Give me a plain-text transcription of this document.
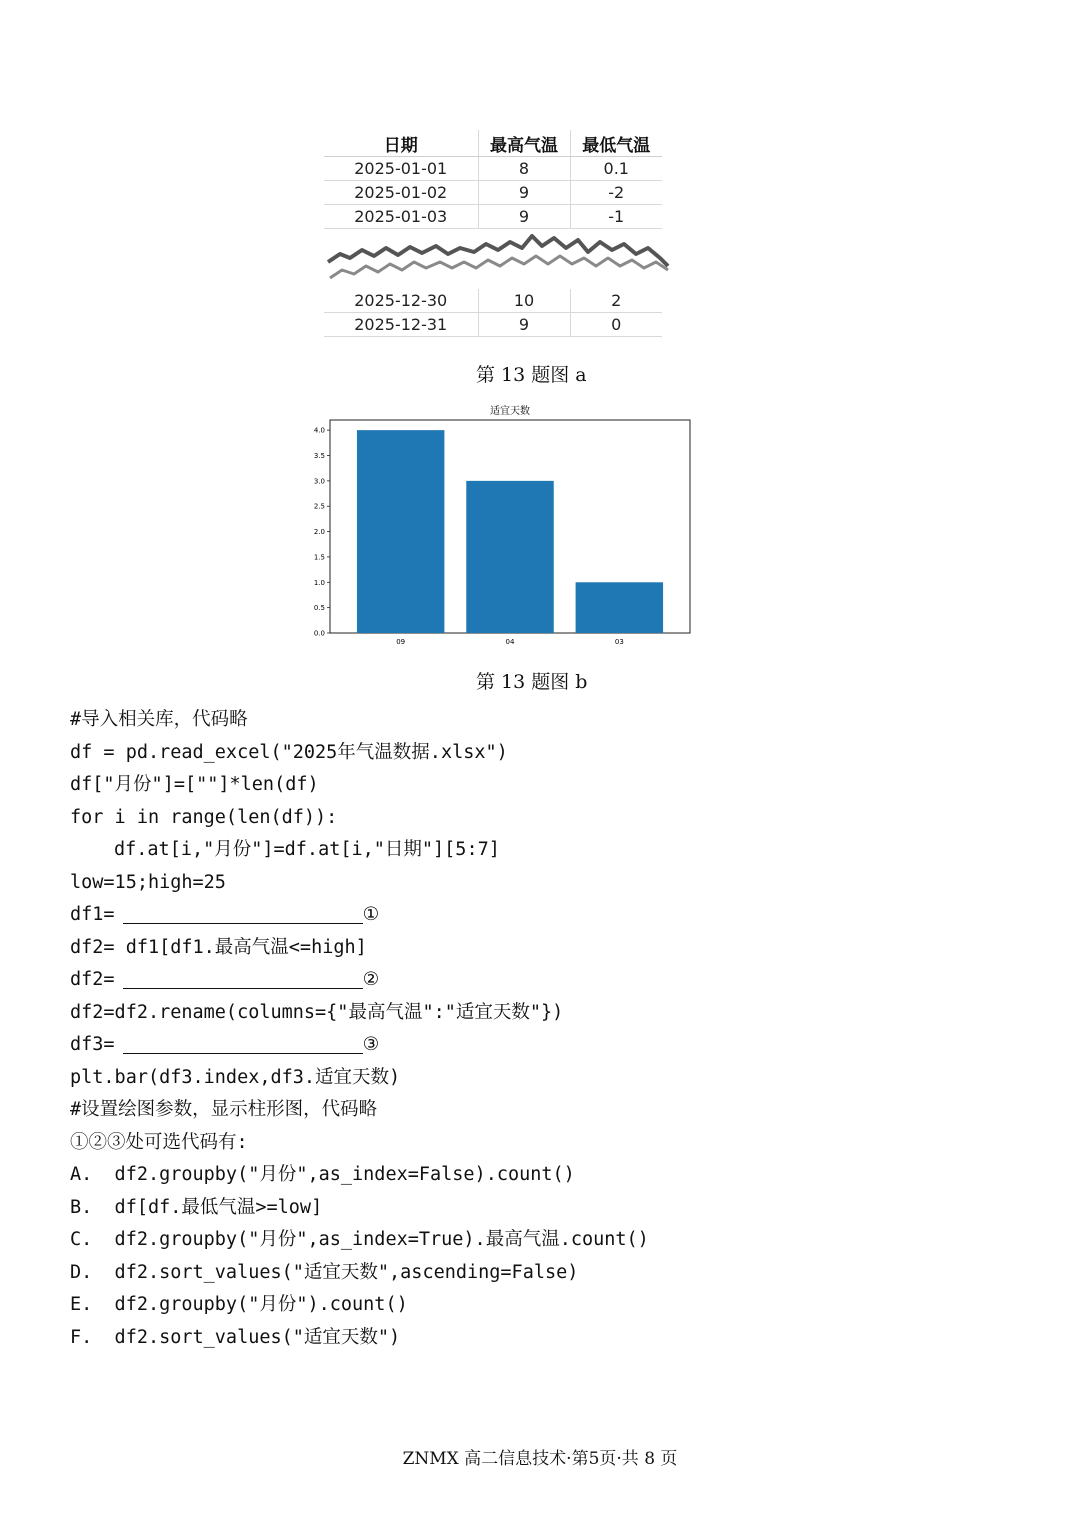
日期	最高气温	最低气温
2025-01-01	8	0.1
2025-01-02	9	-2
2025-01-03	9	-1

2025-12-30	10	2
2025-12-31	9	0
第 13 题图 a
适宜天数
0.0
0.5
1.0
1.5
2.0
2.5
3.0
3.5
4.0
09	04	03
第 13 题图 b
#导入相关库，代码略
df = pd.read_excel("2025年气温数据.xlsx")
df["月份"]=[""]*len(df)
for i in range(len(df)):
df.at[i,"月份"]=df.at[i,"日期"][5:7]
low=15;high=25
df1=	①
df2= df1[df1.最高气温<=high]
df2=	②
df2=df2.rename(columns={"最高气温":"适宜天数"})
df3=	③
plt.bar(df3.index,df3.适宜天数)
#设置绘图参数，显示柱形图，代码略
①②③处可选代码有:
A.  df2.groupby("月份",as_index=False).count()
B.  df[df.最低气温>=low]
C.  df2.groupby("月份",as_index=True).最高气温.count()
D.  df2.sort_values("适宜天数",ascending=False)
E.  df2.groupby("月份").count()
F.  df2.sort_values("适宜天数")
ZNMX 高二信息技术·第5页·共 8 页
